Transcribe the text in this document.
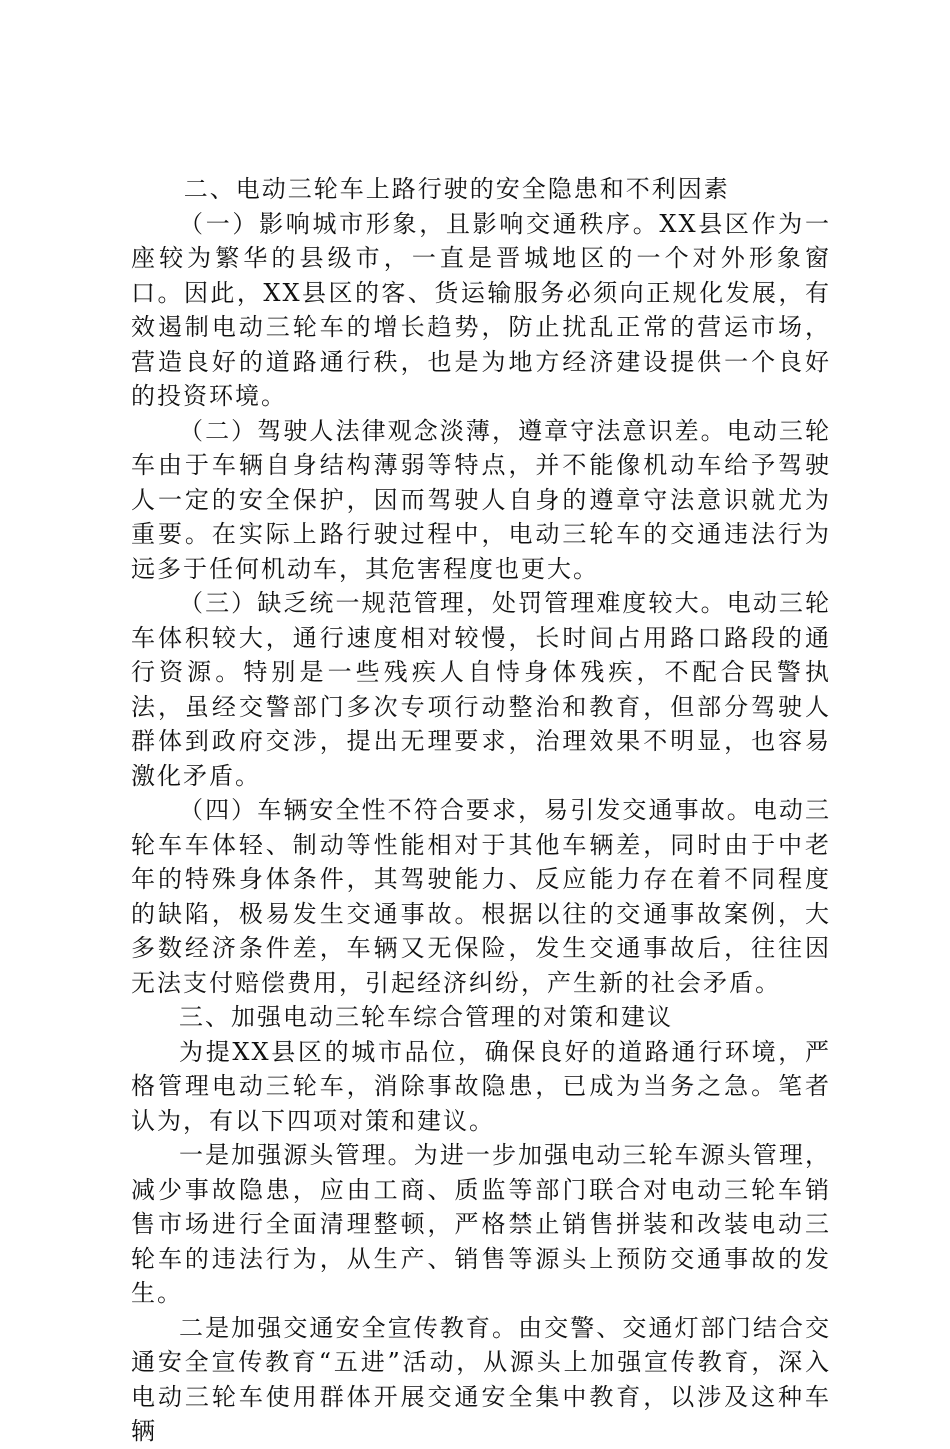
二、电动三轮车上路行驶的安全隐患和不利因素

（一）影响城市形象，且影响交通秩序。XX县区作为一座较为繁华的县级市，一直是晋城地区的一个对外形象窗口。因此，XX县区的客、货运输服务必须向正规化发展，有效遏制电动三轮车的增长趋势，防止扰乱正常的营运市场，营造良好的道路通行秩，也是为地方经济建设提供一个良好的投资环境。

（二）驾驶人法律观念淡薄，遵章守法意识差。电动三轮车由于车辆自身结构薄弱等特点，并不能像机动车给予驾驶人一定的安全保护，因而驾驶人自身的遵章守法意识就尤为重要。在实际上路行驶过程中，电动三轮车的交通违法行为远多于任何机动车，其危害程度也更大。

（三）缺乏统一规范管理，处罚管理难度较大。电动三轮车体积较大，通行速度相对较慢，长时间占用路口路段的通行资源。特别是一些残疾人自恃身体残疾，不配合民警执法，虽经交警部门多次专项行动整治和教育，但部分驾驶人群体到政府交涉，提出无理要求，治理效果不明显，也容易激化矛盾。

（四）车辆安全性不符合要求，易引发交通事故。电动三轮车车体轻、制动等性能相对于其他车辆差，同时由于中老年的特殊身体条件，其驾驶能力、反应能力存在着不同程度的缺陷，极易发生交通事故。根据以往的交通事故案例，大多数经济条件差，车辆又无保险，发生交通事故后，往往因无法支付赔偿费用，引起经济纠纷，产生新的社会矛盾。

三、加强电动三轮车综合管理的对策和建议

为提XX县区的城市品位，确保良好的道路通行环境，严格管理电动三轮车，消除事故隐患，已成为当务之急。笔者认为，有以下四项对策和建议。

一是加强源头管理。为进一步加强电动三轮车源头管理，减少事故隐患，应由工商、质监等部门联合对电动三轮车销售市场进行全面清理整顿，严格禁止销售拼装和改装电动三轮车的违法行为，从生产、销售等源头上预防交通事故的发生。

二是加强交通安全宣传教育。由交警、交通灯部门结合交通安全宣传教育“五进”活动，从源头上加强宣传教育，深入电动三轮车使用群体开展交通安全集中教育，以涉及这种车辆
